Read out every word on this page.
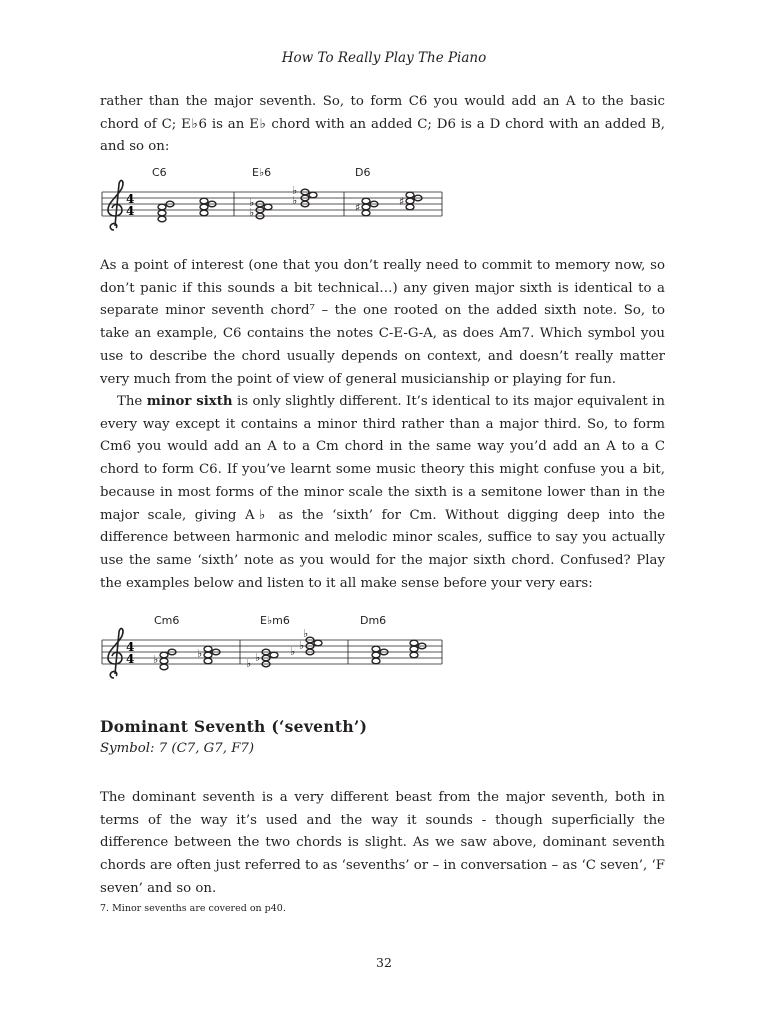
How To Really Play The Piano

rather than the major seventh. So, to form C6 you would add an A to the basic chord of C; E♭6 is an E♭ chord with an added C; D6 is a D chord with an added B, and so on:

C6	E♭6	D6
4
4	♭
♭	♭
♭
♯	♯

As a point of interest (one that you don’t really need to commit to memory now, so don’t panic if this sounds a bit technical…) any given major sixth is identical to a separate minor seventh chord⁷ – the one rooted on the added sixth note. So, to take an example, C6 contains the notes C-E-G-A, as does Am7. Which symbol you use to describe the chord usually depends on context, and doesn’t really matter very much from the point of view of general musicianship or playing for fun.

The minor sixth is only slightly different. It’s identical to its major equivalent in every way except it contains a minor third rather than a major third. So, to form Cm6 you would add an A to a Cm chord in the same way you’d add an A to a C chord to form C6. If you’ve learnt some music theory this might confuse you a bit, because in most forms of the minor scale the sixth is a semitone lower than in the major scale, giving A♭ as the ‘sixth’ for Cm. Without digging deep into the difference between harmonic and melodic minor scales, suffice to say you actually use the same ‘sixth’ note as you would for the major sixth chord. Confused? Play the examples below and listen to it all make sense before your very ears:

Cm6	E♭m6	Dm6
4
4 ♭	♭
♭ ♭	♭ ♭
♭
Dominant Seventh (‘seventh’)
Symbol: 7 (C7, G7, F7)

The dominant seventh is a very different beast from the major seventh, both in terms of the way it’s used and the way it sounds - though superficially the difference between the two chords is slight. As we saw above, dominant seventh chords are often just referred to as ‘sevenths’ or – in conversation – as ‘C seven’, ‘F seven’ and so on.

7. Minor sevenths are covered on p40.
32
